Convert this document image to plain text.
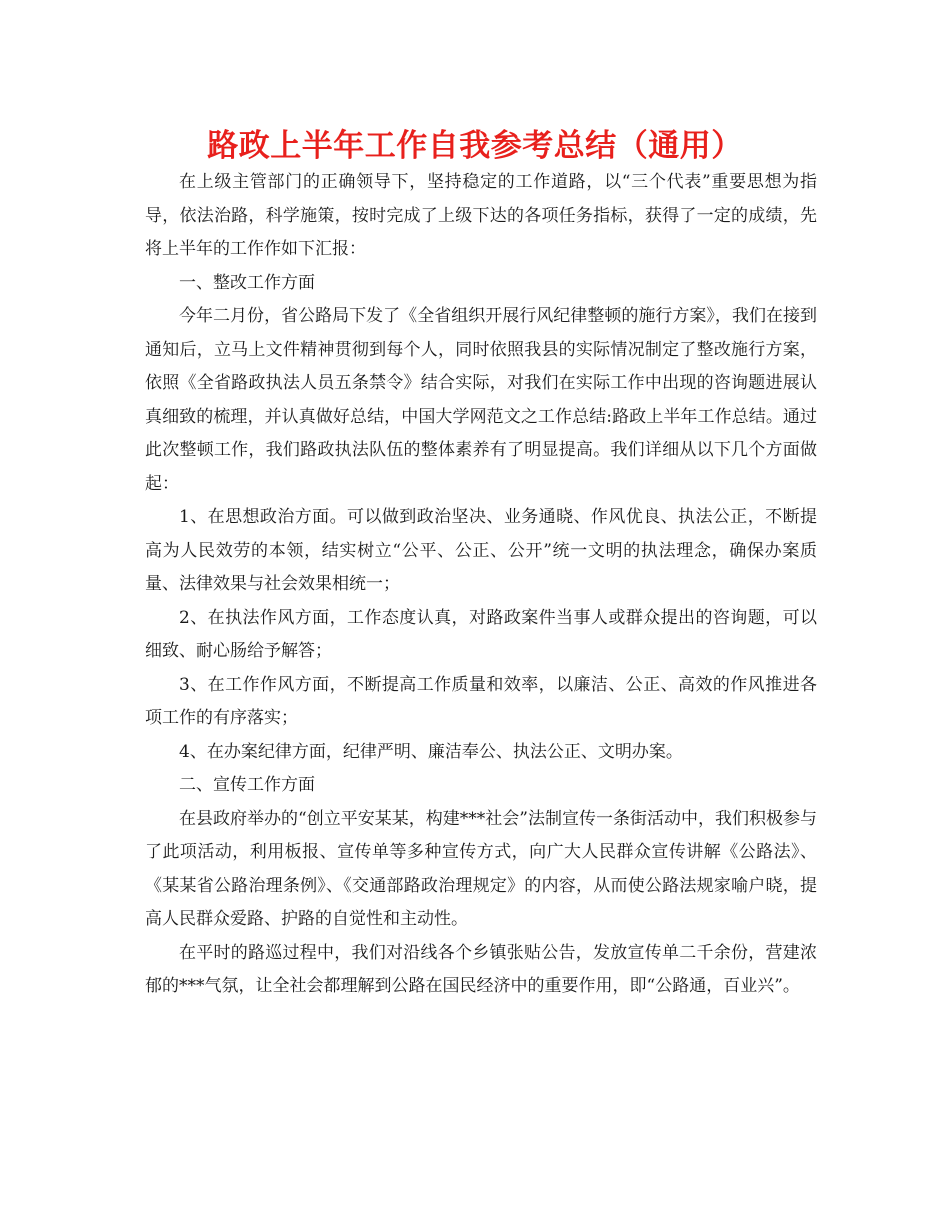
路政上半年工作自我参考总结（通用）

在上级主管部门的正确领导下，坚持稳定的工作道路，以“三个代表”重要思想为指导，依法治路，科学施策，按时完成了上级下达的各项任务指标，获得了一定的成绩，先将上半年的工作作如下汇报：

一、整改工作方面

今年二月份，省公路局下发了《全省组织开展行风纪律整顿的施行方案》，我们在接到通知后，立马上文件精神贯彻到每个人，同时依照我县的实际情况制定了整改施行方案，依照《全省路政执法人员五条禁令》结合实际，对我们在实际工作中出现的咨询题进展认真细致的梳理，并认真做好总结，中国大学网范文之工作总结:路政上半年工作总结。通过此次整顿工作，我们路政执法队伍的整体素养有了明显提高。我们详细从以下几个方面做起：

1、在思想政治方面。可以做到政治坚决、业务通晓、作风优良、执法公正，不断提高为人民效劳的本领，结实树立“公平、公正、公开”统一文明的执法理念，确保办案质量、法律效果与社会效果相统一；

2、在执法作风方面，工作态度认真，对路政案件当事人或群众提出的咨询题，可以细致、耐心肠给予解答；

3、在工作作风方面，不断提高工作质量和效率，以廉洁、公正、高效的作风推进各项工作的有序落实；

4、在办案纪律方面，纪律严明、廉洁奉公、执法公正、文明办案。

二、宣传工作方面

在县政府举办的“创立平安某某，构建***社会”法制宣传一条街活动中，我们积极参与了此项活动，利用板报、宣传单等多种宣传方式，向广大人民群众宣传讲解《公路法》、《某某省公路治理条例》、《交通部路政治理规定》的内容，从而使公路法规家喻户晓，提高人民群众爱路、护路的自觉性和主动性。

在平时的路巡过程中，我们对沿线各个乡镇张贴公告，发放宣传单二千余份，营建浓郁的***气氛，让全社会都理解到公路在国民经济中的重要作用，即“公路通，百业兴”。
